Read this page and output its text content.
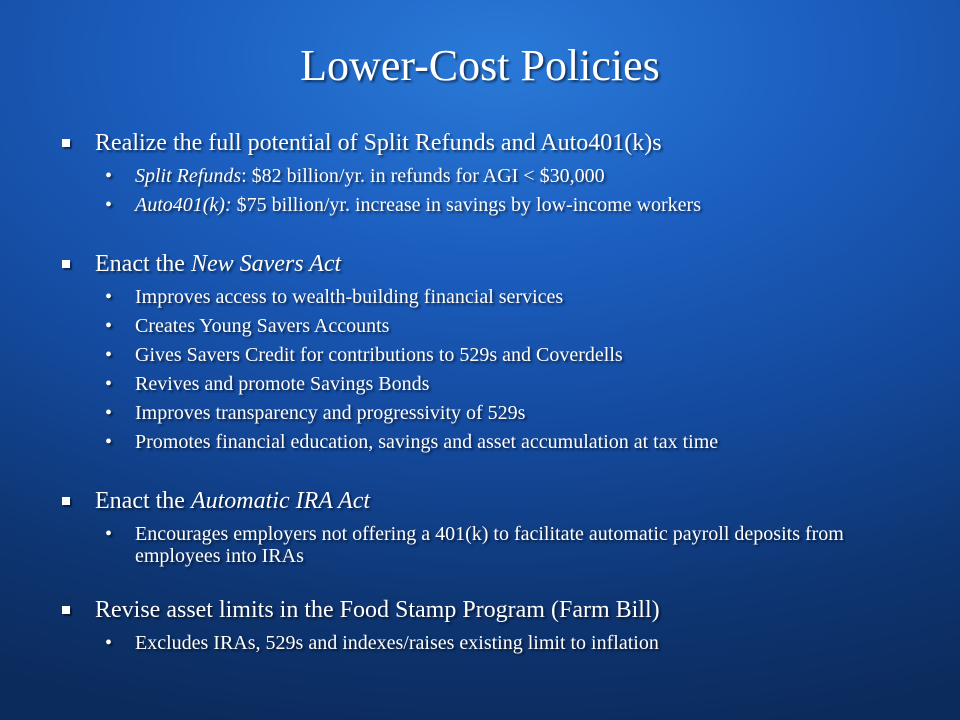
Lower-Cost Policies
Realize the full potential of Split Refunds and Auto401(k)s
• Split Refunds: $82 billion/yr. in refunds for AGI < $30,000
• Auto401(k): $75 billion/yr. increase in savings by low-income workers
Enact the New Savers Act
• Improves access to wealth-building financial services
• Creates Young Savers Accounts
• Gives Savers Credit for contributions to 529s and Coverdells
• Revives and promote Savings Bonds
• Improves transparency and progressivity of 529s
• Promotes financial education, savings and asset accumulation at tax time
Enact the Automatic IRA Act
• Encourages employers not offering a 401(k) to facilitate automatic payroll deposits from employees into IRAs
Revise asset limits in the Food Stamp Program (Farm Bill)
• Excludes IRAs, 529s and indexes/raises existing limit to inflation
